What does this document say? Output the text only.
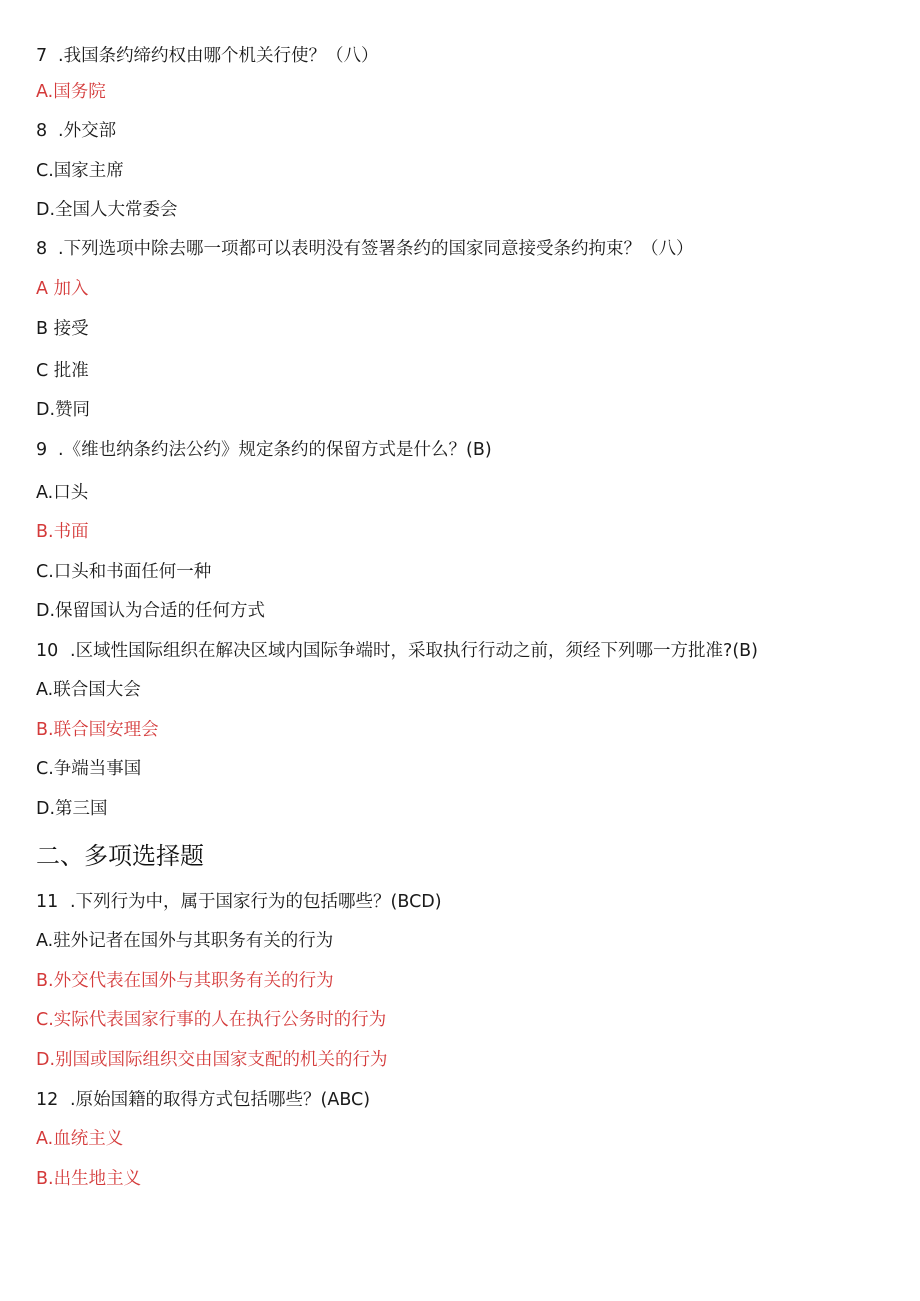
7 .我国条约缔约权由哪个机关行使？（八）
A.国务院
8 .外交部
C.国家主席
D.全国人大常委会
8 .下列选项中除去哪一项都可以表明没有签署条约的国家同意接受条约拘束？（八）
A 加入
B 接受
C 批准
D.赞同
9 .《维也纳条约法公约》规定条约的保留方式是什么？(B)
A.口头
B.书面
C.口头和书面任何一种
D.保留国认为合适的任何方式
10 .区域性国际组织在解决区域内国际争端时，采取执行行动之前，须经下列哪一方批准?(B)
A.联合国大会
B.联合国安理会
C.争端当事国
D.第三国
二、多项选择题
11 .下列行为中，属于国家行为的包括哪些？(BCD)
A.驻外记者在国外与其职务有关的行为
B.外交代表在国外与其职务有关的行为
C.实际代表国家行事的人在执行公务时的行为
D.别国或国际组织交由国家支配的机关的行为
12 .原始国籍的取得方式包括哪些？(ABC)
A.血统主义
B.出生地主义
